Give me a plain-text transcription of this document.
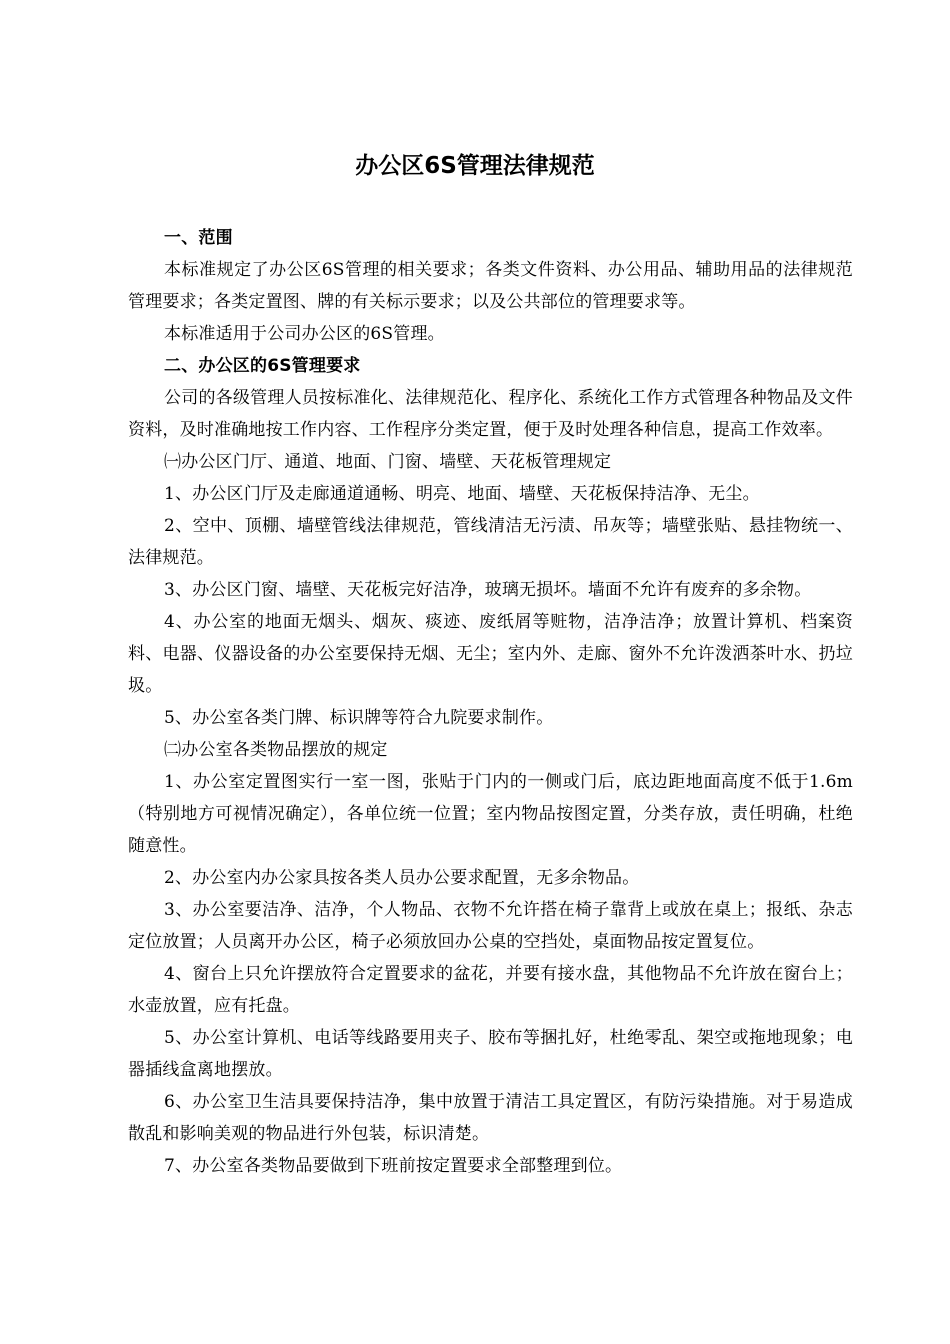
办公区6S管理法律规范

一、范围

本标准规定了办公区6S管理的相关要求；各类文件资料、办公用品、辅助用品的法律规范管理要求；各类定置图、牌的有关标示要求；以及公共部位的管理要求等。

本标准适用于公司办公区的6S管理。

二、办公区的6S管理要求

公司的各级管理人员按标准化、法律规范化、程序化、系统化工作方式管理各种物品及文件资料，及时准确地按工作内容、工作程序分类定置，便于及时处理各种信息，提高工作效率。

㈠办公区门厅、通道、地面、门窗、墙壁、天花板管理规定

1、办公区门厅及走廊通道通畅、明亮、地面、墙壁、天花板保持洁净、无尘。

2、空中、顶棚、墙壁管线法律规范，管线清洁无污渍、吊灰等；墙壁张贴、悬挂物统一、法律规范。

3、办公区门窗、墙壁、天花板完好洁净，玻璃无损坏。墙面不允许有废弃的多余物。

4、办公室的地面无烟头、烟灰、痰迹、废纸屑等赃物，洁净洁净；放置计算机、档案资料、电器、仪器设备的办公室要保持无烟、无尘；室内外、走廊、窗外不允许泼洒茶叶水、扔垃圾。

5、办公室各类门牌、标识牌等符合九院要求制作。

㈡办公室各类物品摆放的规定

1、办公室定置图实行一室一图，张贴于门内的一侧或门后，底边距地面高度不低于1.6m（特别地方可视情况确定），各单位统一位置；室内物品按图定置，分类存放，责任明确，杜绝随意性。

2、办公室内办公家具按各类人员办公要求配置，无多余物品。

3、办公室要洁净、洁净，个人物品、衣物不允许搭在椅子靠背上或放在桌上；报纸、杂志定位放置；人员离开办公区，椅子必须放回办公桌的空挡处，桌面物品按定置复位。

4、窗台上只允许摆放符合定置要求的盆花，并要有接水盘，其他物品不允许放在窗台上；水壶放置，应有托盘。

5、办公室计算机、电话等线路要用夹子、胶布等捆扎好，杜绝零乱、架空或拖地现象；电器插线盒离地摆放。

6、办公室卫生洁具要保持洁净，集中放置于清洁工具定置区，有防污染措施。对于易造成散乱和影响美观的物品进行外包装，标识清楚。

7、办公室各类物品要做到下班前按定置要求全部整理到位。
